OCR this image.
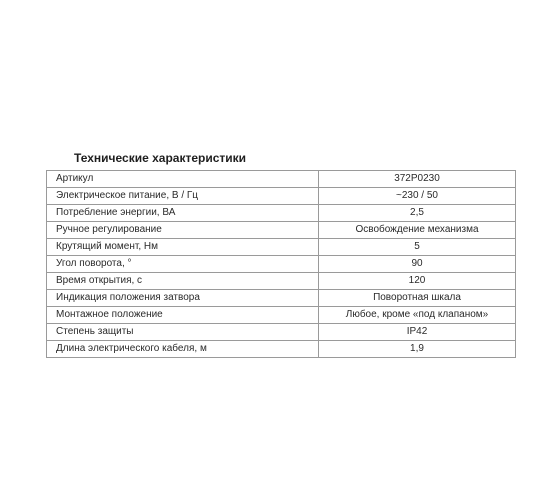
Технические характеристики
Артикул	372P0230
Электрическое питание, В / Гц	~230 / 50
Потребление энергии, ВА	2,5
Ручное регулирование	Освобождение механизма
Крутящий момент, Нм	5
Угол поворота, °	90
Время открытия, с	120
Индикация положения затвора	Поворотная шкала
Монтажное положение	Любое, кроме «под клапаном»
Степень защиты	IP42
Длина электрического кабеля, м	1,9
